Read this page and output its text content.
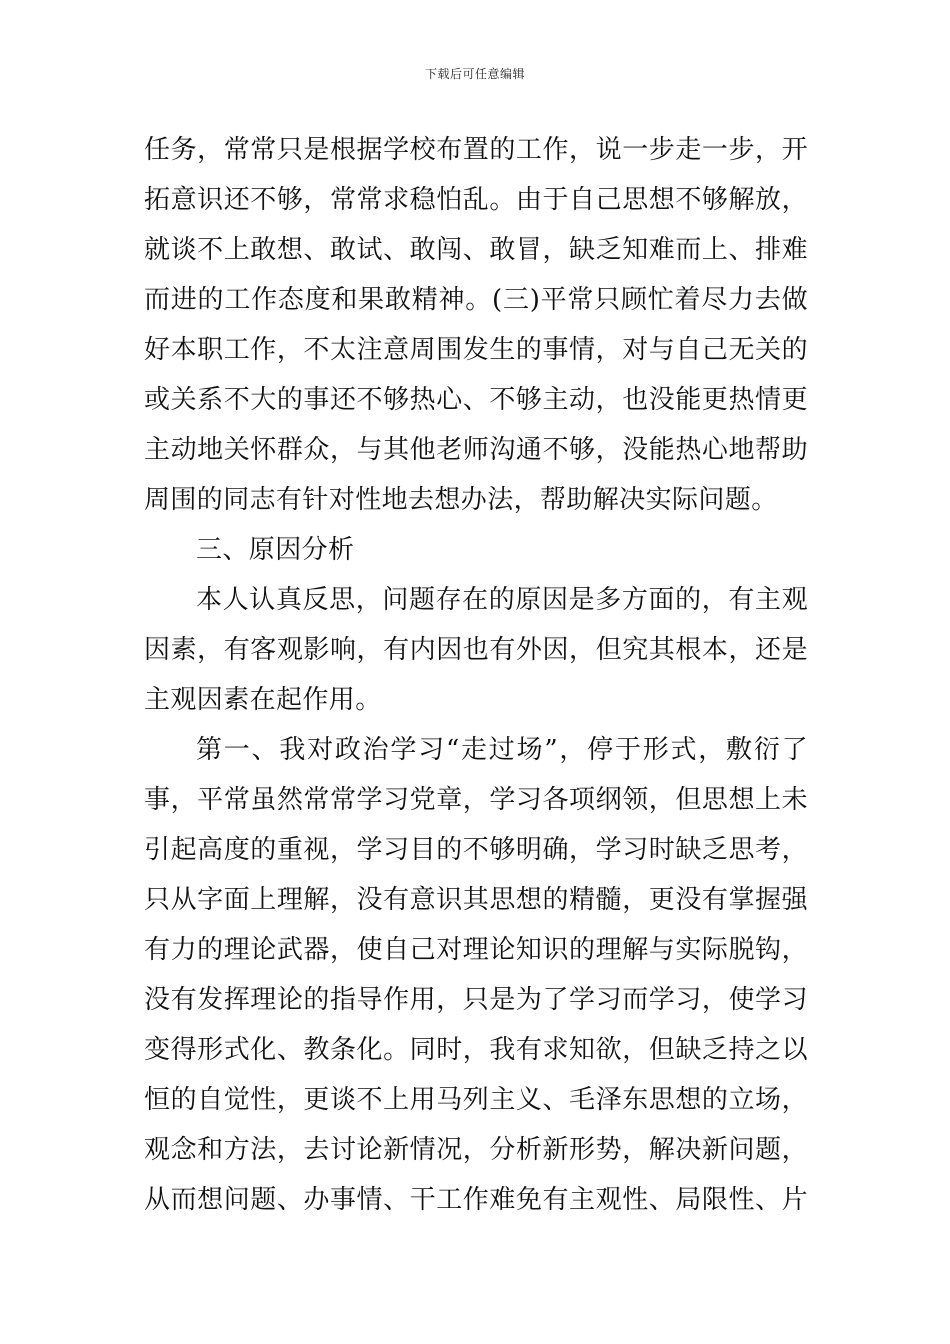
下载后可任意编辑
任务，常常只是根据学校布置的工作，说一步走一步，开
拓意识还不够，常常求稳怕乱。由于自己思想不够解放，
就谈不上敢想、敢试、敢闯、敢冒，缺乏知难而上、排难
而进的工作态度和果敢精神。(三)平常只顾忙着尽力去做
好本职工作，不太注意周围发生的事情，对与自己无关的
或关系不大的事还不够热心、不够主动，也没能更热情更
主动地关怀群众，与其他老师沟通不够，没能热心地帮助
周围的同志有针对性地去想办法，帮助解决实际问题。
三、原因分析
本人认真反思，问题存在的原因是多方面的，有主观
因素，有客观影响，有内因也有外因，但究其根本，还是
主观因素在起作用。
第一、我对政治学习“走过场”，停于形式，敷衍了
事，平常虽然常常学习党章，学习各项纲领，但思想上未
引起高度的重视，学习目的不够明确，学习时缺乏思考，
只从字面上理解，没有意识其思想的精髓，更没有掌握强
有力的理论武器，使自己对理论知识的理解与实际脱钩，
没有发挥理论的指导作用，只是为了学习而学习，使学习
变得形式化、教条化。同时，我有求知欲，但缺乏持之以
恒的自觉性，更谈不上用马列主义、毛泽东思想的立场，
观念和方法，去讨论新情况，分析新形势，解决新问题，
从而想问题、办事情、干工作难免有主观性、局限性、片
